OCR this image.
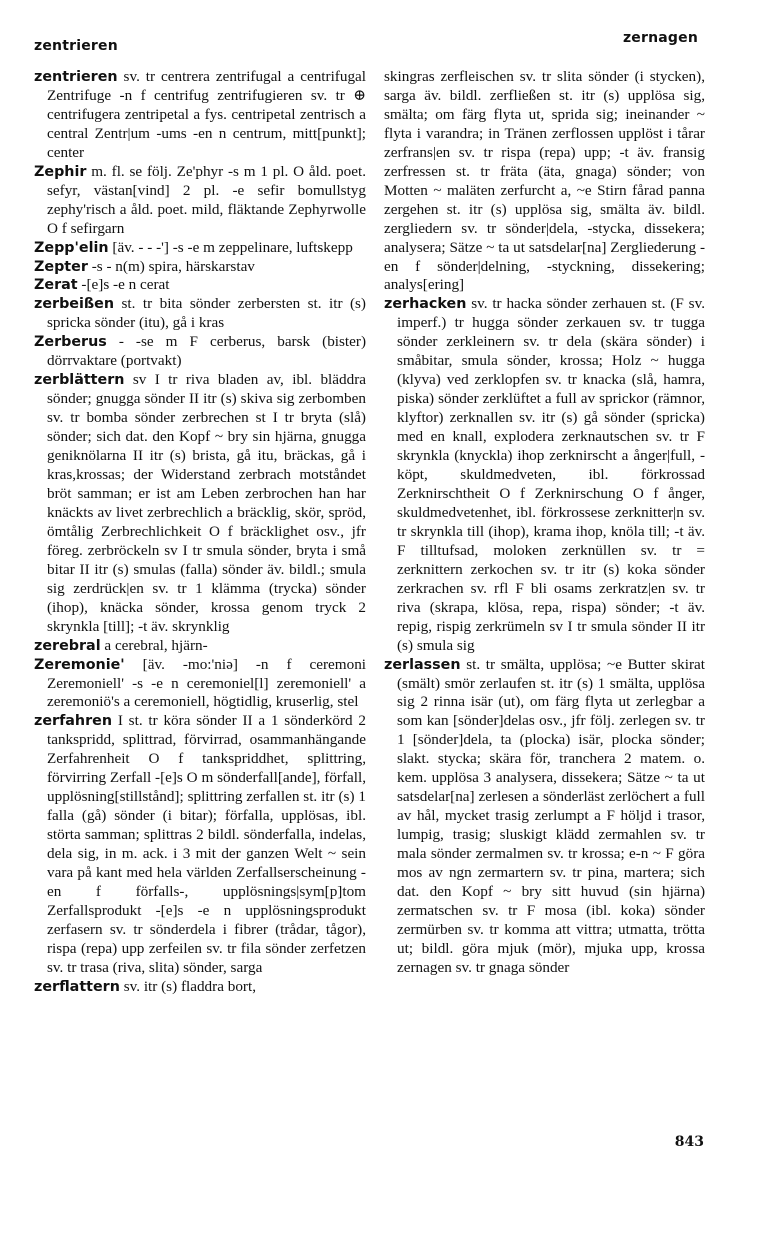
zentrieren	zernagen

zentrieren sv. tr centrera zentrifugal a centrifugal Zentrifuge -n f centrifug zentrifugieren sv. tr ⊕ centrifugera zentripetal a fys. centripetal zentrisch a central Zentr|um -ums -en n centrum, mitt[punkt]; center

Zephir m. fl. se följ. Ze'phyr -s m 1 pl. O åld. poet. sefyr, västan[vind] 2 pl. -e sefir bomullstyg zephy'risch a åld. poet. mild, fläktande Zephyrwolle O f sefirgarn

Zepp'elin [äv. - - -'] -s -e m zeppelinare, luftskepp

Zepter -s - n(m) spira, härskarstav

Zerat -[e]s -e n cerat

zerbeißen st. tr bita sönder zerbersten st. itr (s) spricka sönder (itu), gå i kras

Zerberus - -se m F cerberus, barsk (bister) dörrvaktare (portvakt)

zerblättern sv I tr riva bladen av, ibl. bläddra sönder; gnugga sönder II itr (s) skiva sig zerbomben sv. tr bomba sönder zerbrechen st I tr bryta (slå) sönder; sich dat. den Kopf ~ bry sin hjärna, gnugga geniknölarna II itr (s) brista, gå itu, bräckas, gå i kras,krossas; der Widerstand zerbrach motståndet bröt samman; er ist am Leben zerbrochen han har knäckts av livet zerbrechlich a bräcklig, skör, spröd, ömtålig Zerbrechlichkeit O f bräcklighet osv., jfr föreg. zerbröckeln sv I tr smula sönder, bryta i små bitar II itr (s) smulas (falla) sönder äv. bildl.; smula sig zerdrück|en sv. tr 1 klämma (trycka) sönder (ihop), knäcka sönder, krossa genom tryck 2 skrynkla [till]; -t äv. skrynklig

zerebral a cerebral, hjärn-

Zeremonie' [äv. -mo:'niə] -n f ceremoni Zeremoniell' -s -e n ceremoniel[l] zeremoniell' a zeremoniö's a ceremoniell, högtidlig, kruserlig, stel

zerfahren I st. tr köra sönder II a 1 sönderkörd 2 tankspridd, splittrad, förvirrad, osammanhängande Zerfahrenheit O f tankspriddhet, splittring, förvirring Zerfall -[e]s O m sönderfall[ande], förfall, upplösning[stillstånd]; splittring zerfallen st. itr (s) 1 falla (gå) sönder (i bitar); förfalla, upplösas, ibl. störta samman; splittras 2 bildl. sönderfalla, indelas, dela sig, in m. ack. i 3 mit der ganzen Welt ~ sein vara på kant med hela världen Zerfallserscheinung -en f förfalls-, upplösnings|sym[p]tom Zerfallsprodukt -[e]s -e n upplösningsprodukt zerfasern sv. tr sönderdela i fibrer (trådar, tågor), rispa (repa) upp zerfeilen sv. tr fila sönder zerfetzen sv. tr trasa (riva, slita) sönder, sarga

zerflattern sv. itr (s) fladdra bort,

skingras zerfleischen sv. tr slita sönder (i stycken), sarga äv. bildl. zerfließen st. itr (s) upplösa sig, smälta; om färg flyta ut, sprida sig; ineinander ~ flyta i varandra; in Tränen zerflossen upplöst i tårar zerfrans|en sv. tr rispa (repa) upp; -t äv. fransig zerfressen st. tr fräta (äta, gnaga) sönder; von Motten ~ maläten zerfurcht a, ~e Stirn fårad panna zergehen st. itr (s) upplösa sig, smälta äv. bildl. zergliedern sv. tr sönder|dela, -stycka, dissekera; analysera; Sätze ~ ta ut satsdelar[na] Zergliederung -en f sönder|delning, -styckning, dissekering; analys[ering]

zerhacken sv. tr hacka sönder zerhauen st. (F sv. imperf.) tr hugga sönder zerkauen sv. tr tugga sönder zerkleinern sv. tr dela (skära sönder) i småbitar, smula sönder, krossa; Holz ~ hugga (klyva) ved zerklopfen sv. tr knacka (slå, hamra, piska) sönder zerklüftet a full av sprickor (rämnor, klyftor) zerknallen sv. itr (s) gå sönder (spricka) med en knall, explodera zerknautschen sv. tr F skrynkla (knyckla) ihop zerknirscht a ånger|full, -köpt, skuldmedveten, ibl. förkrossad Zerknirschtheit O f Zerknirschung O f ånger, skuldmedvetenhet, ibl. förkrossese zerknitter|n sv. tr skrynkla till (ihop), krama ihop, knöla till; -t äv. F tilltufsad, moloken zerknüllen sv. tr = zerknittern zerkochen sv. tr itr (s) koka sönder zerkrachen sv. rfl F bli osams zerkratz|en sv. tr riva (skrapa, klösa, repa, rispa) sönder; -t äv. repig, rispig zerkrümeln sv I tr smula sönder II itr (s) smula sig

zerlassen st. tr smälta, upplösa; ~e Butter skirat (smält) smör zerlaufen st. itr (s) 1 smälta, upplösa sig 2 rinna isär (ut), om färg flyta ut zerlegbar a som kan [sönder]delas osv., jfr följ. zerlegen sv. tr 1 [sönder]dela, ta (plocka) isär, plocka sönder; slakt. stycka; skära för, tranchera 2 matem. o. kem. upplösa 3 analysera, dissekera; Sätze ~ ta ut satsdelar[na] zerlesen a sönderläst zerlöchert a full av hål, mycket trasig zerlumpt a F höljd i trasor, lumpig, trasig; sluskigt klädd zermahlen sv. tr mala sönder zermalmen sv. tr krossa; e-n ~ F göra mos av ngn zermartern sv. tr pina, martera; sich dat. den Kopf ~ bry sitt huvud (sin hjärna) zermatschen sv. tr F mosa (ibl. koka) sönder zermürben sv. tr komma att vittra; utmatta, trötta ut; bildl. göra mjuk (mör), mjuka upp, krossa zernagen sv. tr gnaga sönder

843
